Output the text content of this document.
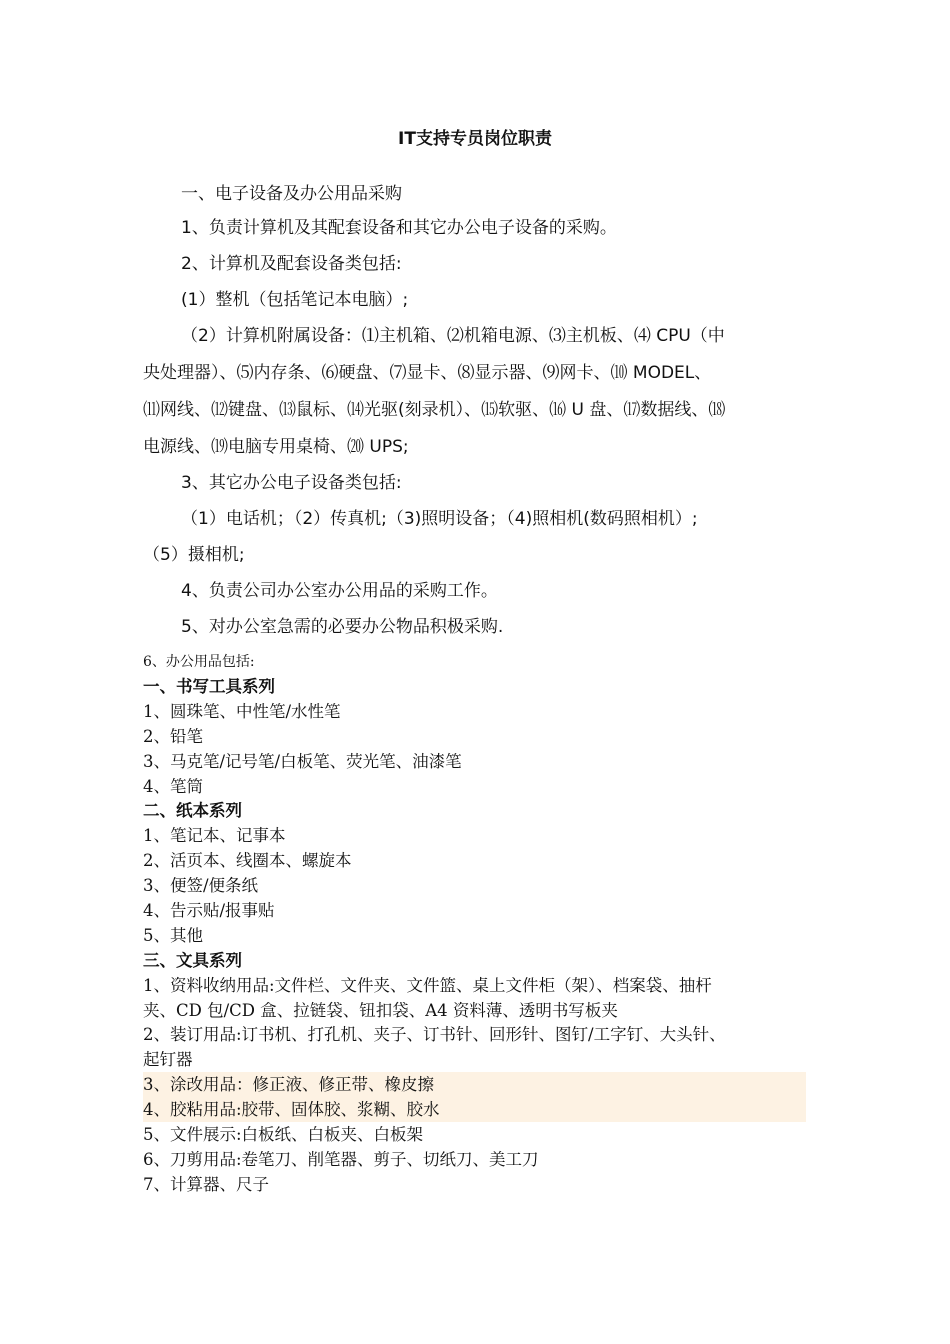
IT支持专员岗位职责
一、电子设备及办公用品采购
1、负责计算机及其配套设备和其它办公电子设备的采购。
2、计算机及配套设备类包括:
(1）整机（包括笔记本电脑）;
（2）计算机附属设备：⑴主机箱、⑵机箱电源、⑶主机板、⑷ CPU（中
央处理器）、⑸内存条、⑹硬盘、⑺显卡、⑻显示器、⑼网卡、⑽ MODEL、
⑾网线、⑿键盘、⒀鼠标、⒁光驱(刻录机）、⒂软驱、⒃ U 盘、⒄数据线、⒅
电源线、⒆电脑专用桌椅、⒇ UPS;
3、其它办公电子设备类包括:
（1）电话机；（2）传真机;（3)照明设备；（4)照相机(数码照相机）;
（5）摄相机;
4、负责公司办公室办公用品的采购工作。
5、对办公室急需的必要办公物品积极采购.
6、办公用品包括:
一、书写工具系列
1、圆珠笔、中性笔/水性笔
2、铅笔
3、马克笔/记号笔/白板笔、荧光笔、油漆笔
4、笔筒
二、纸本系列
1、笔记本、记事本
2、活页本、线圈本、螺旋本
3、便签/便条纸
4、告示贴/报事贴
5、其他
三、文具系列
1、资料收纳用品:文件栏、文件夹、文件篮、桌上文件柜（架）、档案袋、抽杆
夹、CD 包/CD 盒、拉链袋、钮扣袋、A4 资料薄、透明书写板夹
2、装订用品:订书机、打孔机、夹子、订书针、回形针、图钉/工字钉、大头针、
起钉器
3、涂改用品：修正液、修正带、橡皮擦
4、胶粘用品:胶带、固体胶、浆糊、胶水
5、文件展示:白板纸、白板夹、白板架
6、刀剪用品:卷笔刀、削笔器、剪子、切纸刀、美工刀
7、计算器、尺子
